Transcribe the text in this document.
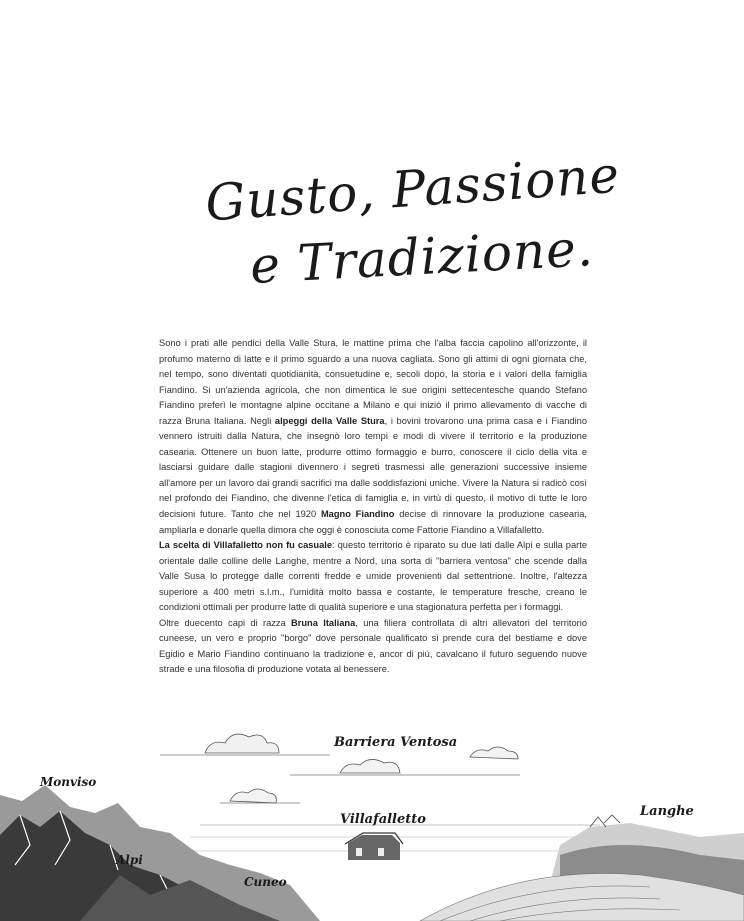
Gusto, Passione
e Tradizione.

Sono i prati alle pendici della Valle Stura, le mattine prima che l'alba faccia capolino all'orizzonte, il profumo materno di latte e il primo sguardo a una nuova cagliata. Sono gli attimi di ogni giornata che, nel tempo, sono diventati quotidianità, consuetudine e, secoli dopo, la storia e i valori della famiglia Fiandino. Si un'azienda agricola, che non dimentica le sue origini settecentesche quando Stefano Fiandino preferì le montagne alpine occitane a Milano e qui iniziò il primo allevamento di vacche di razza Bruna Italiana. Negli alpeggi della Valle Stura, i bovini trovarono una prima casa e i Fiandino vennero istruiti dalla Natura, che insegnò loro tempi e modi di vivere il territorio e la produzione casearia. Ottenere un buon latte, produrre ottimo formaggio e burro, conoscere il ciclo della vita e lasciarsi guidare dalle stagioni divennero i segreti trasmessi alle generazioni successive insieme all'amore per un lavoro dai grandi sacrifici ma dalle soddisfazioni uniche. Vivere la Natura si radicò così nel profondo dei Fiandino, che divenne l'etica di famiglia e, in virtù di questo, il motivo di tutte le loro decisioni future. Tanto che nel 1920 Magno Fiandino decise di rinnovare la produzione casearia, ampliarla e donarle quella dimora che oggi è conosciuta come Fattorie Fiandino a Villafalletto.

La scelta di Villafalletto non fu casuale: questo territorio è riparato su due lati dalle Alpi e sulla parte orientale dalle colline delle Langhe, mentre a Nord, una sorta di "barriera ventosa" che scende dalla Valle Susa lo protegge dalle correnti fredde e umide provenienti dal settentrione. Inoltre, l'altezza superiore a 400 metri s.l.m., l'umidità molto bassa e costante, le temperature fresche, creano le condizioni ottimali per produrre latte di qualità superiore e una stagionatura perfetta per i formaggi.

Oltre duecento capi di razza Bruna Italiana, una filiera controllata di altri allevatori del territorio cuneese, un vero e proprio "borgo" dove personale qualificato si prende cura del bestiame e dove Egidio e Mario Fiandino continuano la tradizione e, ancor di più, cavalcano il futuro seguendo nuove strade e una filosofia di produzione votata al benessere.

Barriera Ventosa
Monviso
Alpi
Villafalletto
Cuneo
Langhe
